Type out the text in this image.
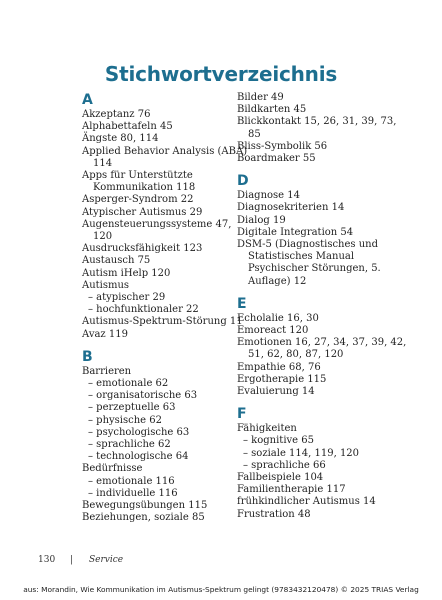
Stichwortverzeichnis
A
Akzeptanz 76
Alphabettafeln 45
Ängste 80, 114
Applied Behavior Analysis (ABA)
114
Apps für Unterstützte
Kommunikation 118
Asperger-Syndrom 22
Atypischer Autismus 29
Augensteuerungssysteme 47,
120
Ausdrucksfähigkeit 123
Austausch 75
Autism iHelp 120
Autismus
– atypischer 29
– hochfunktionaler 22
Autismus-Spektrum-Störung 11
Avaz 119
B
Barrieren
– emotionale 62
– organisatorische 63
– perzeptuelle 63
– physische 62
– psychologische 63
– sprachliche 62
– technologische 64
Bedürfnisse
– emotionale 116
– individuelle 116
Bewegungsübungen 115
Beziehungen, soziale 85
Bilder 49
Bildkarten 45
Blickkontakt 15, 26, 31, 39, 73,
85
Bliss-Symbolik 56
Boardmaker 55
D
Diagnose 14
Diagnosekriterien 14
Dialog 19
Digitale Integration 54
DSM-5 (Diagnostisches und
Statistisches Manual
Psychischer Störungen, 5.
Auflage) 12
E
Echolalie 16, 30
Emoreact 120
Emotionen 16, 27, 34, 37, 39, 42,
51, 62, 80, 87, 120
Empathie 68, 76
Ergotherapie 115
Evaluierung 14
F
Fähigkeiten
– kognitive 65
– soziale 114, 119, 120
– sprachliche 66
Fallbeispiele 104
Familientherapie 117
frühkindlicher Autismus 14
Frustration 48
130 | Service
aus: Morandin, Wie Kommunikation im Autismus-Spektrum gelingt (9783432120478) © 2025 TRIAS Verlag
